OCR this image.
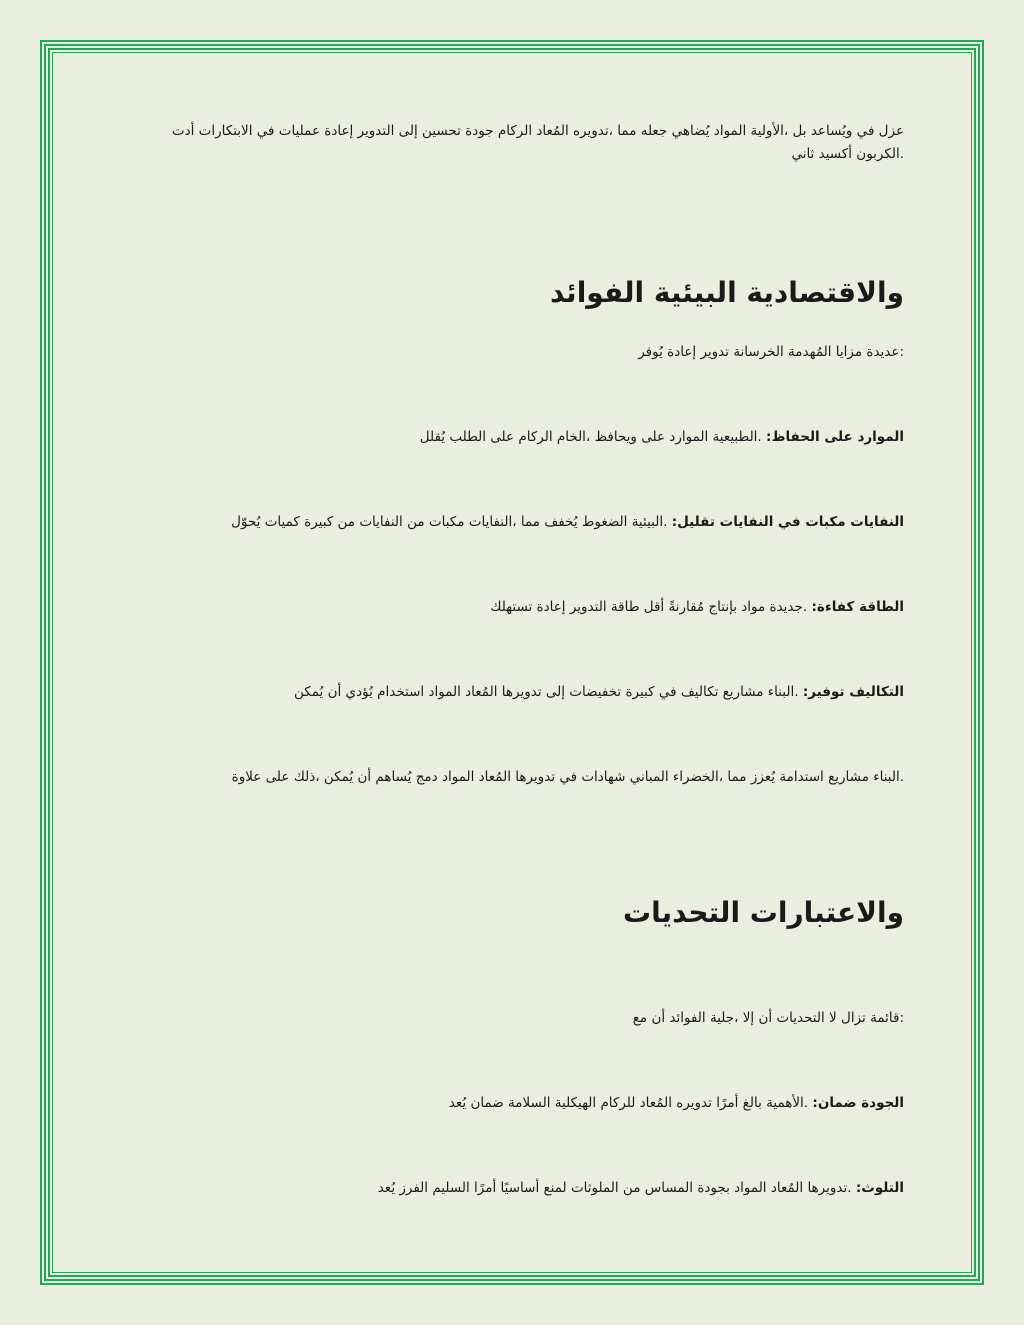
عزل في ويُساعد بل ،الأولية المواد يُضاهي جعله مما ،تدويره المُعاد الركام جودة تحسين إلى التدوير إعادة عمليات في الابتكارات أدت
.الكربون أكسيد ثاني
والاقتصادية البيئية الفوائد
:عديدة مزايا المُهدمة الخرسانة تدوير إعادة يُوفر
الموارد على الحفاظ: .الطبيعية الموارد على ويحافظ ،الخام الركام على الطلب يُقلل
النفايات مكبات في النفايات تقليل: .البيئية الضغوط يُخفف مما ،النفايات مكبات من النفايات من كبيرة كميات يُحوّل
الطاقة كفاءة: .جديدة مواد بإنتاج مُقارنةً أقل طاقة التدوير إعادة تستهلك
التكاليف توفير: .البناء مشاريع تكاليف في كبيرة تخفيضات إلى تدويرها المُعاد المواد استخدام يُؤدي أن يُمكن
.البناء مشاريع استدامة يُعزز مما ،الخضراء المباني شهادات في تدويرها المُعاد المواد دمج يُساهم أن يُمكن ،ذلك على علاوة
والاعتبارات التحديات
:قائمة تزال لا التحديات أن إلا ،جلية الفوائد أن مع
الجودة ضمان: .الأهمية بالغ أمرًا تدويره المُعاد للركام الهيكلية السلامة ضمان يُعد
التلوث: .تدويرها المُعاد المواد بجودة المساس من الملوثات لمنع أساسيًا أمرًا السليم الفرز يُعد
